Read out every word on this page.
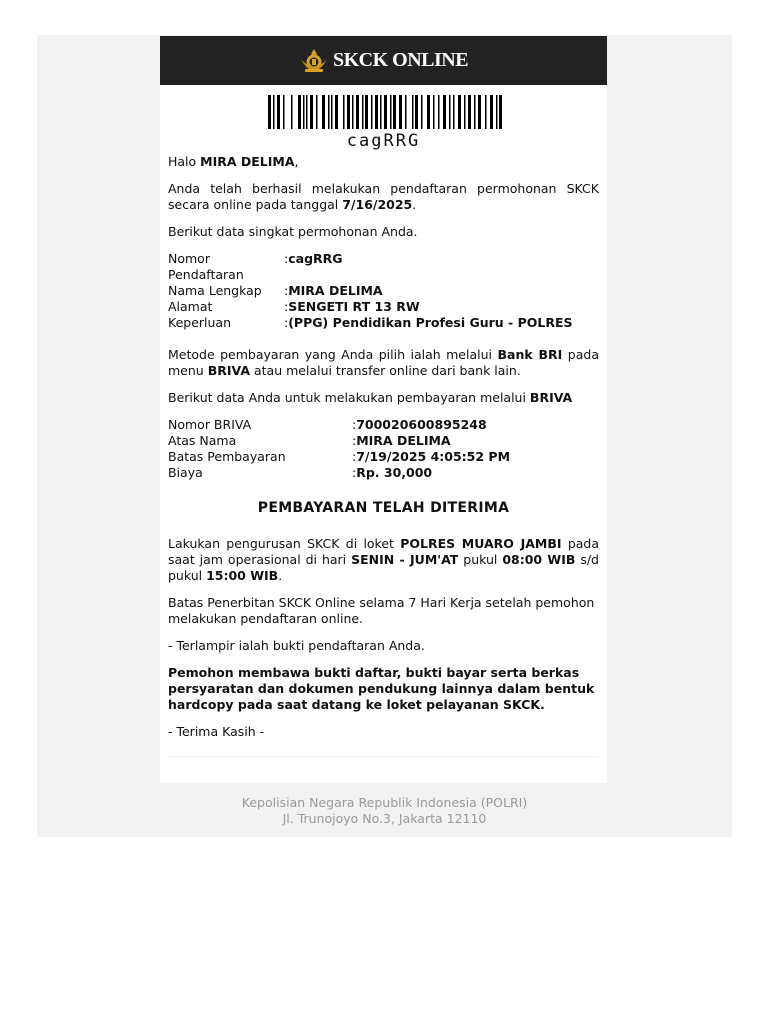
SKCK ONLINE
cagRRG

Halo MIRA DELIMA,

Anda telah berhasil melakukan pendaftaran permohonan SKCK secara online pada tanggal 7/16/2025.

Berikut data singkat permohonan Anda.

Nomor Pendaftaran	:cagRRG
Nama Lengkap	:MIRA DELIMA
Alamat	:SENGETI RT 13 RW
Keperluan	:(PPG) Pendidikan Profesi Guru - POLRES

Metode pembayaran yang Anda pilih ialah melalui Bank BRI pada menu BRIVA atau melalui transfer online dari bank lain.

Berikut data Anda untuk melakukan pembayaran melalui BRIVA

Nomor BRIVA	:700020600895248
Atas Nama	:MIRA DELIMA
Batas Pembayaran	:7/19/2025 4:05:52 PM
Biaya	:Rp. 30,000

PEMBAYARAN TELAH DITERIMA

Lakukan pengurusan SKCK di loket POLRES MUARO JAMBI pada saat jam operasional di hari SENIN - JUM'AT pukul 08:00 WIB s/d pukul 15:00 WIB.

Batas Penerbitan SKCK Online selama 7 Hari Kerja setelah pemohon melakukan pendaftaran online.

- Terlampir ialah bukti pendaftaran Anda.

Pemohon membawa bukti daftar, bukti bayar serta berkas persyaratan dan dokumen pendukung lainnya dalam bentuk hardcopy pada saat datang ke loket pelayanan SKCK.

- Terima Kasih -

Kepolisian Negara Republik Indonesia (POLRI)
Jl. Trunojoyo No.3, Jakarta 12110
